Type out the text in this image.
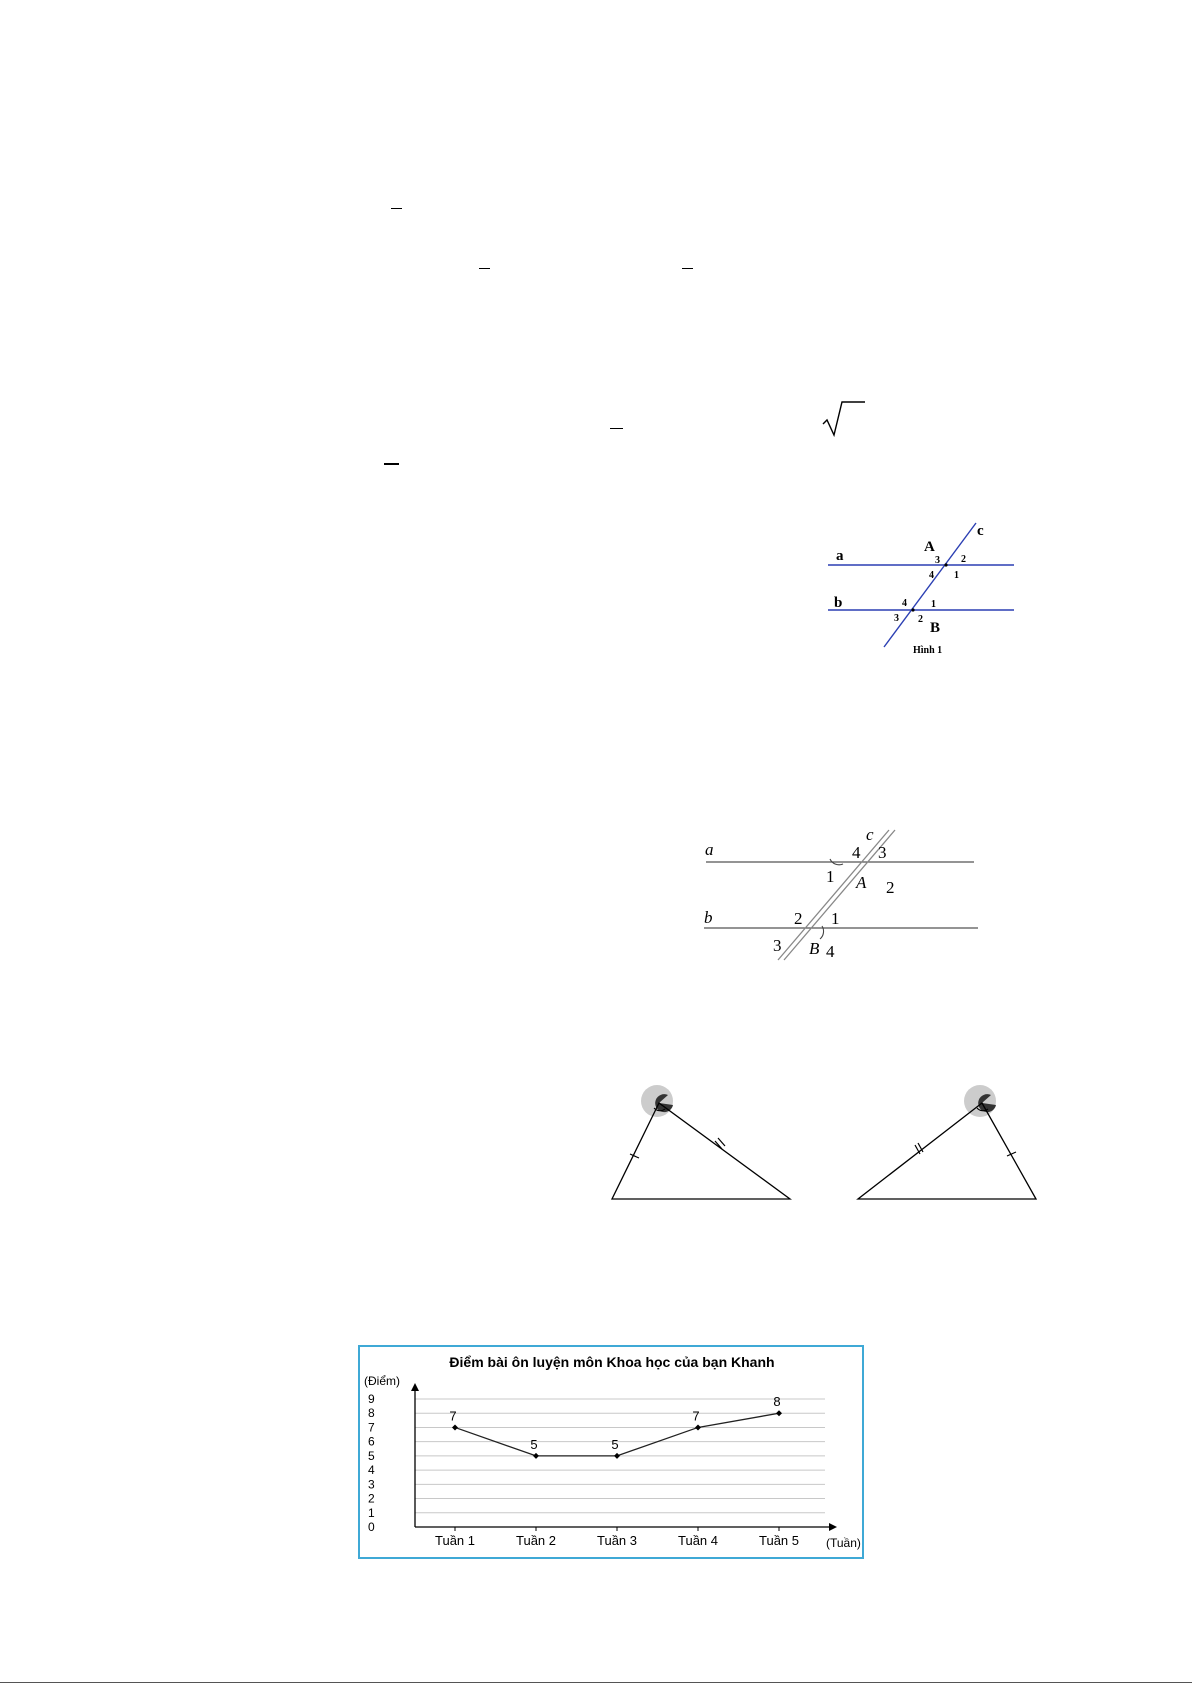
a
b
c
A
B
1
2
3
4
1
2
3
4
Hình 1
a
b
c
A
B
1
2
3
4
1
2
3	4
Điểm bài ôn luyện môn Khoa học của bạn Khanh
(Điểm)
(Tuần)
0
1
2
3
4
5
6
7
8
9
Tuần 1	Tuần 2	Tuần 3	Tuần 4	Tuần 5
7
5	5
7
8
